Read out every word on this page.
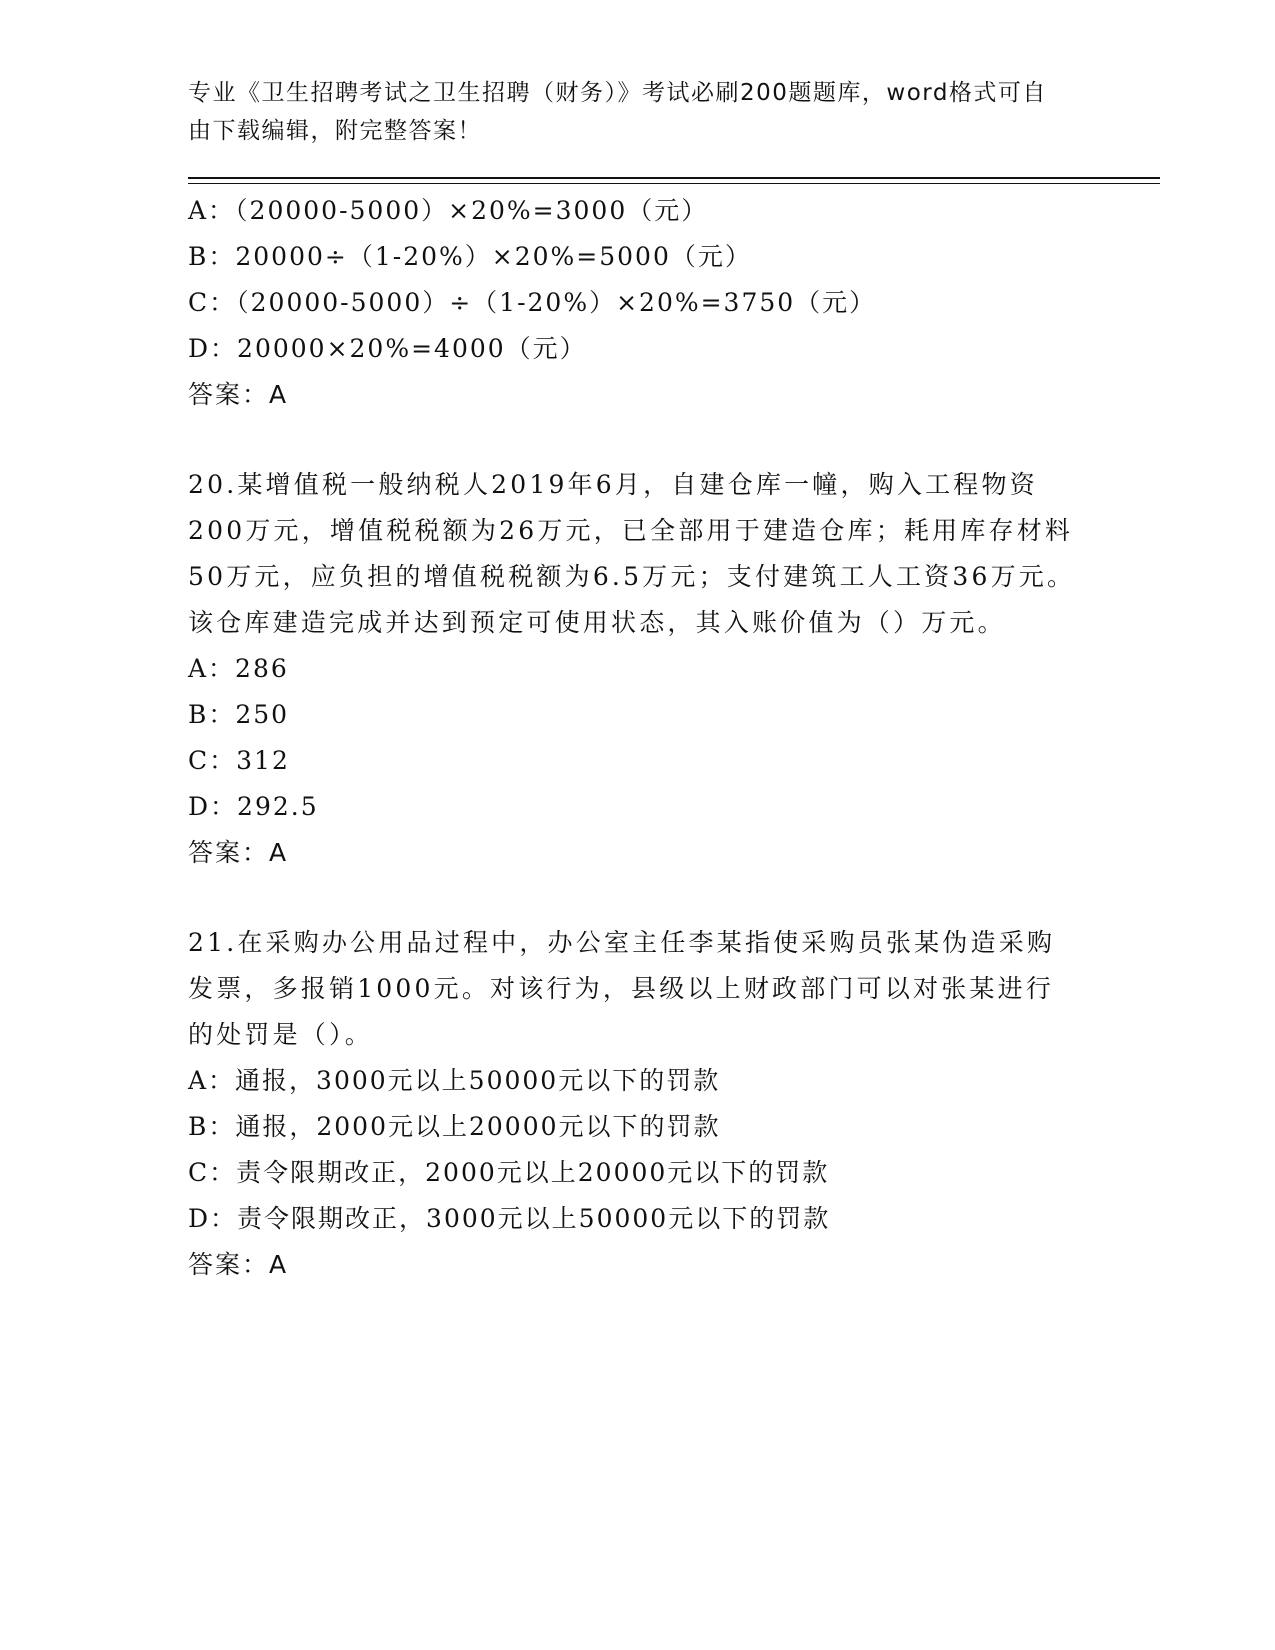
专业《卫生招聘考试之卫生招聘（财务）》考试必刷200题题库，word格式可自由下载编辑，附完整答案！
A：（20000-5000）×20%=3000（元）
B：20000÷（1-20%）×20%=5000（元）
C：（20000-5000）÷（1-20%）×20%=3750（元）
D：20000×20%=4000（元）
答案：A
20.某增值税一般纳税人2019年6月，自建仓库一幢，购入工程物资200万元，增值税税额为26万元，已全部用于建造仓库；耗用库存材料50万元，应负担的增值税税额为6.5万元；支付建筑工人工资36万元。该仓库建造完成并达到预定可使用状态，其入账价值为（）万元。
A：286
B：250
C：312
D：292.5
答案：A
21.在采购办公用品过程中，办公室主任李某指使采购员张某伪造采购发票，多报销1000元。对该行为，县级以上财政部门可以对张某进行的处罚是（）。
A：通报，3000元以上50000元以下的罚款
B：通报，2000元以上20000元以下的罚款
C：责令限期改正，2000元以上20000元以下的罚款
D：责令限期改正，3000元以上50000元以下的罚款
答案：A
